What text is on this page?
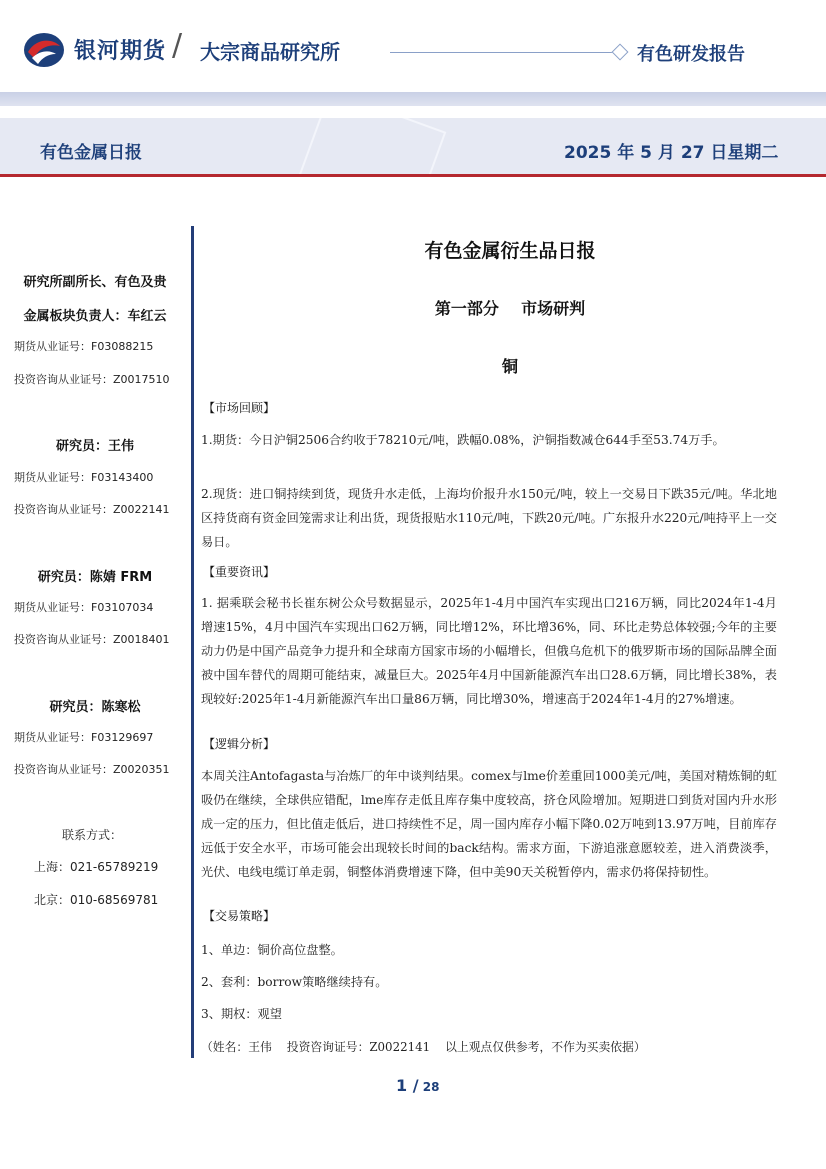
银河期货 / 大宗商品研究所	有色研发报告
有色金属日报	2025 年 5 月 27 日星期二
研究所副所长、有色及贵
金属板块负责人：车红云
期货从业证号：F03088215
投资咨询从业证号：Z0017510
研究员：王伟
期货从业证号：F03143400
投资咨询从业证号：Z0022141
研究员：陈婧 FRM
期货从业证号：F03107034
投资咨询从业证号：Z0018401
研究员：陈寒松
期货从业证号：F03129697
投资咨询从业证号：Z0020351
联系方式：
上海：021-65789219
北京：010-68569781
有色金属衍生品日报
第一部分    市场研判
铜
【市场回顾】
1.期货：今日沪铜2506合约收于78210元/吨，跌幅0.08%，沪铜指数减仓644手至53.74万手。
2.现货：进口铜持续到货，现货升水走低，上海均价报升水150元/吨，较上一交易日下跌35元/吨。华北地区持货商有资金回笼需求让利出货，现货报贴水110元/吨，下跌20元/吨。广东报升水220元/吨持平上一交易日。
【重要资讯】
1. 据乘联会秘书长崔东树公众号数据显示，2025年1-4月中国汽车实现出口216万辆，同比2024年1-4月增速15%，4月中国汽车实现出口62万辆，同比增12%，环比增36%，同、环比走势总体较强;今年的主要动力仍是中国产品竞争力提升和全球南方国家市场的小幅增长，但俄乌危机下的俄罗斯市场的国际品牌全面被中国车替代的周期可能结束，减量巨大。2025年4月中国新能源汽车出口28.6万辆，同比增长38%，表现较好:2025年1-4月新能源汽车出口量86万辆，同比增30%，增速高于2024年1-4月的27%增速。
【逻辑分析】
本周关注Antofagasta与冶炼厂的年中谈判结果。comex与lme价差重回1000美元/吨，美国对精炼铜的虹吸仍在继续，全球供应错配，lme库存走低且库存集中度较高，挤仓风险增加。短期进口到货对国内升水形成一定的压力，但比值走低后，进口持续性不足，周一国内库存小幅下降0.02万吨到13.97万吨，目前库存远低于安全水平，市场可能会出现较长时间的back结构。需求方面，下游追涨意愿较差，进入消费淡季，光伏、电线电缆订单走弱，铜整体消费增速下降，但中美90天关税暂停内，需求仍将保持韧性。
【交易策略】
1、单边：铜价高位盘整。
2、套利：borrow策略继续持有。
3、期权：观望
（姓名：王伟    投资咨询证号：Z0022141    以上观点仅供参考，不作为买卖依据）
1 / 28
